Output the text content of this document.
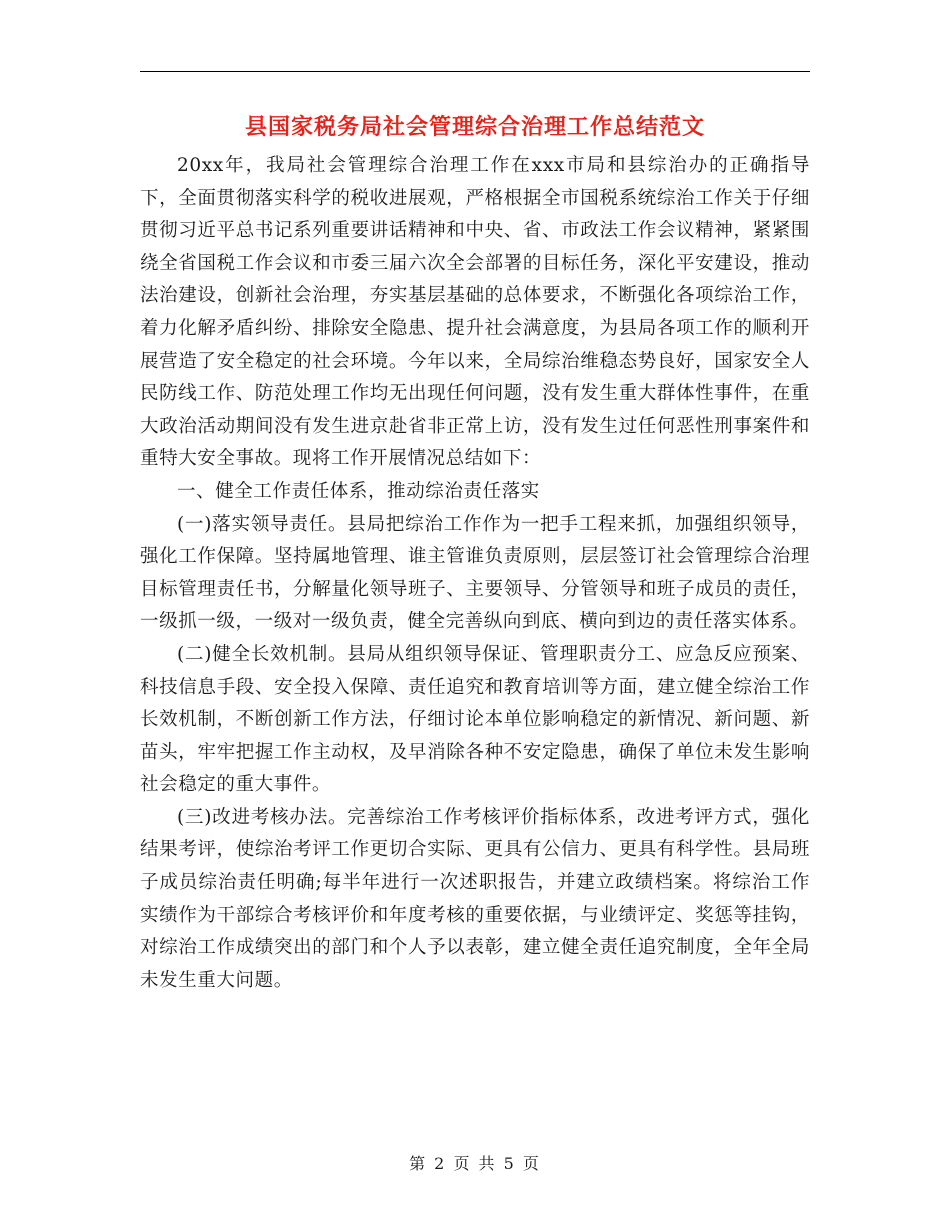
县国家税务局社会管理综合治理工作总结范文

20xx年，我局社会管理综合治理工作在xxx市局和县综治办的正确指导下，全面贯彻落实科学的税收进展观，严格根据全市国税系统综治工作关于仔细贯彻习近平总书记系列重要讲话精神和中央、省、市政法工作会议精神，紧紧围绕全省国税工作会议和市委三届六次全会部署的目标任务，深化平安建设，推动法治建设，创新社会治理，夯实基层基础的总体要求，不断强化各项综治工作，着力化解矛盾纠纷、排除安全隐患、提升社会满意度，为县局各项工作的顺利开展营造了安全稳定的社会环境。今年以来，全局综治维稳态势良好，国家安全人民防线工作、防范处理工作均无出现任何问题，没有发生重大群体性事件，在重大政治活动期间没有发生进京赴省非正常上访，没有发生过任何恶性刑事案件和重特大安全事故。现将工作开展情况总结如下：

一、健全工作责任体系，推动综治责任落实

(一)落实领导责任。县局把综治工作作为一把手工程来抓，加强组织领导，强化工作保障。坚持属地管理、谁主管谁负责原则，层层签订社会管理综合治理目标管理责任书，分解量化领导班子、主要领导、分管领导和班子成员的责任，一级抓一级，一级对一级负责，健全完善纵向到底、横向到边的责任落实体系。

(二)健全长效机制。县局从组织领导保证、管理职责分工、应急反应预案、科技信息手段、安全投入保障、责任追究和教育培训等方面，建立健全综治工作长效机制，不断创新工作方法，仔细讨论本单位影响稳定的新情况、新问题、新苗头，牢牢把握工作主动权，及早消除各种不安定隐患，确保了单位未发生影响社会稳定的重大事件。

(三)改进考核办法。完善综治工作考核评价指标体系，改进考评方式，强化结果考评，使综治考评工作更切合实际、更具有公信力、更具有科学性。县局班子成员综治责任明确;每半年进行一次述职报告，并建立政绩档案。将综治工作实绩作为干部综合考核评价和年度考核的重要依据，与业绩评定、奖惩等挂钩，对综治工作成绩突出的部门和个人予以表彰，建立健全责任追究制度，全年全局未发生重大问题。

第 2 页 共 5 页
